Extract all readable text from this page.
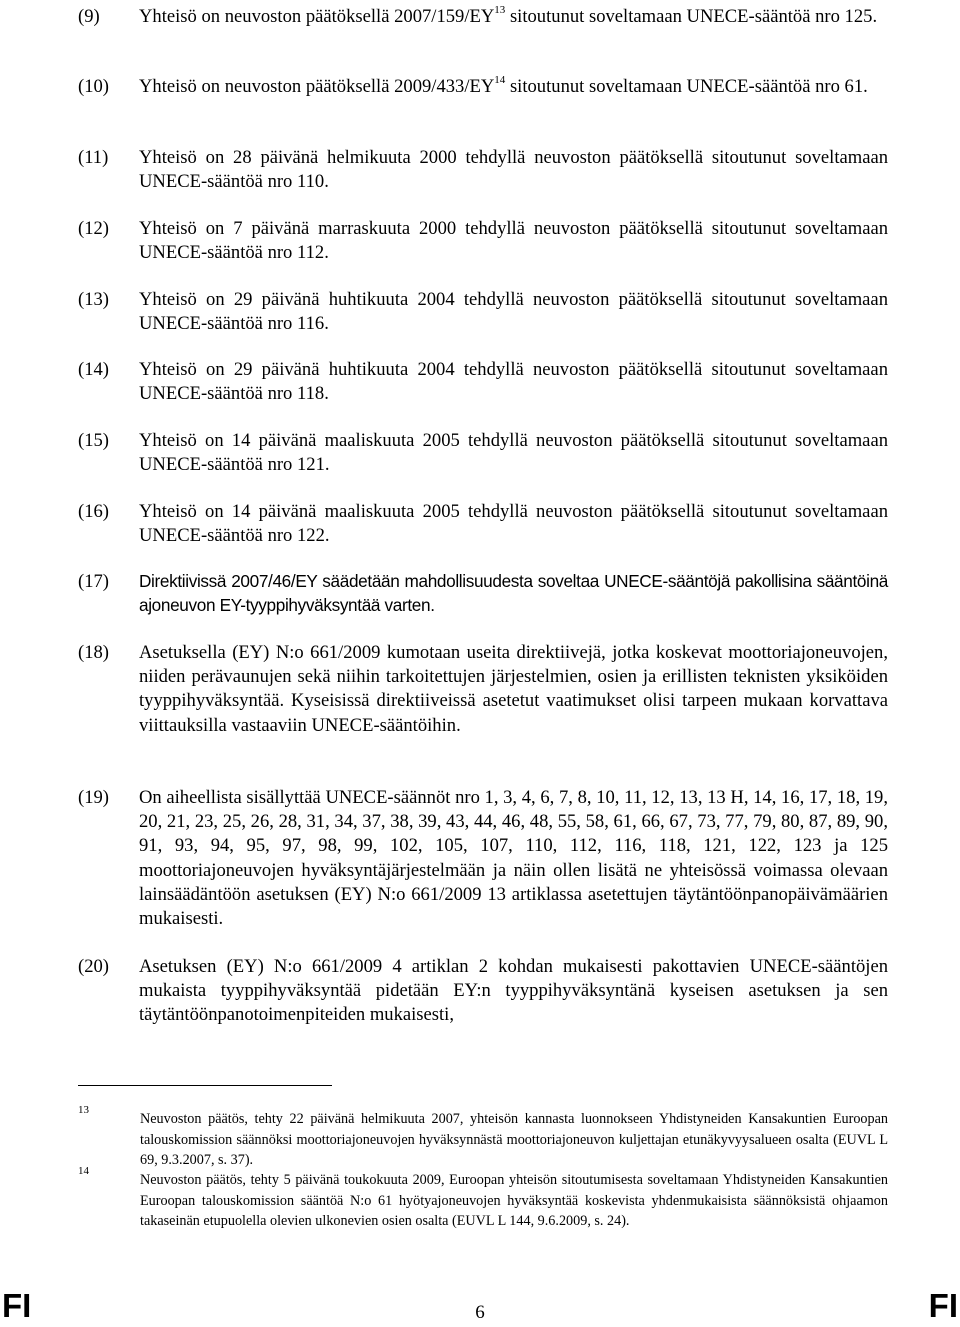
(9)	Yhteisö on neuvoston päätöksellä 2007/159/EY$^{13}$ sitoutunut soveltamaan UNECE-sääntöä nro 125.
(10)	Yhteisö on neuvoston päätöksellä 2009/433/EY$^{14}$ sitoutunut soveltamaan UNECE-sääntöä nro 61.
(11)	Yhteisö on 28 päivänä helmikuuta 2000 tehdyllä neuvoston päätöksellä sitoutunut soveltamaan UNECE-sääntöä nro 110.
(12)	Yhteisö on 7 päivänä marraskuuta 2000 tehdyllä neuvoston päätöksellä sitoutunut soveltamaan UNECE-sääntöä nro 112.
(13)	Yhteisö on 29 päivänä huhtikuuta 2004 tehdyllä neuvoston päätöksellä sitoutunut soveltamaan UNECE-sääntöä nro 116.
(14)	Yhteisö on 29 päivänä huhtikuuta 2004 tehdyllä neuvoston päätöksellä sitoutunut soveltamaan UNECE-sääntöä nro 118.
(15)	Yhteisö on 14 päivänä maaliskuuta 2005 tehdyllä neuvoston päätöksellä sitoutunut soveltamaan UNECE-sääntöä nro 121.
(16)	Yhteisö on 14 päivänä maaliskuuta 2005 tehdyllä neuvoston päätöksellä sitoutunut soveltamaan UNECE-sääntöä nro 122.
(17)	Direktiivissä 2007/46/EY säädetään mahdollisuudesta soveltaa UNECE-sääntöjä pakollisina sääntöinä ajoneuvon EY-tyyppihyväksyntää varten.
(18)	Asetuksella (EY) N:o 661/2009 kumotaan useita direktiivejä, jotka koskevat moottoriajoneuvojen, niiden perävaunujen sekä niihin tarkoitettujen järjestelmien, osien ja erillisten teknisten yksiköiden tyyppihyväksyntää. Kyseisissä direktiiveissä asetetut vaatimukset olisi tarpeen mukaan korvattava viittauksilla vastaaviin UNECE-sääntöihin.
(19)	On aiheellista sisällyttää UNECE-säännöt nro 1, 3, 4, 6, 7, 8, 10, 11, 12, 13, 13 H, 14, 16, 17, 18, 19, 20, 21, 23, 25, 26, 28, 31, 34, 37, 38, 39, 43, 44, 46, 48, 55, 58, 61, 66, 67, 73, 77, 79, 80, 87, 89, 90, 91, 93, 94, 95, 97, 98, 99, 102, 105, 107, 110, 112, 116, 118, 121, 122, 123 ja 125 moottoriajoneuvojen hyväksyntäjärjestelmään ja näin ollen lisätä ne yhteisössä voimassa olevaan lainsäädäntöön asetuksen (EY) N:o 661/2009 13 artiklassa asetettujen täytäntöönpanopäivämäärien mukaisesti.
(20)	Asetuksen (EY) N:o 661/2009 4 artiklan 2 kohdan mukaisesti pakottavien UNECE-sääntöjen mukaista tyyppihyväksyntää pidetään EY:n tyyppihyväksyntänä kyseisen asetuksen ja sen täytäntöönpanotoimenpiteiden mukaisesti,
13
Neuvoston päätös, tehty 22 päivänä helmikuuta 2007, yhteisön kannasta luonnokseen Yhdistyneiden Kansakuntien Euroopan talouskomission säännöksi moottoriajoneuvojen hyväksynnästä moottoriajoneuvon kuljettajan etunäkyvyysalueen osalta (EUVL L 69, 9.3.2007, s. 37).
14
Neuvoston päätös, tehty 5 päivänä toukokuuta 2009, Euroopan yhteisön sitoutumisesta soveltamaan Yhdistyneiden Kansakuntien Euroopan talouskomission sääntöä N:o 61 hyötyajoneuvojen hyväksyntää koskevista yhdenmukaisista säännöksistä ohjaamon takaseinän etupuolella olevien ulkonevien osien osalta (EUVL L 144, 9.6.2009, s. 24).
FI	6	FI
